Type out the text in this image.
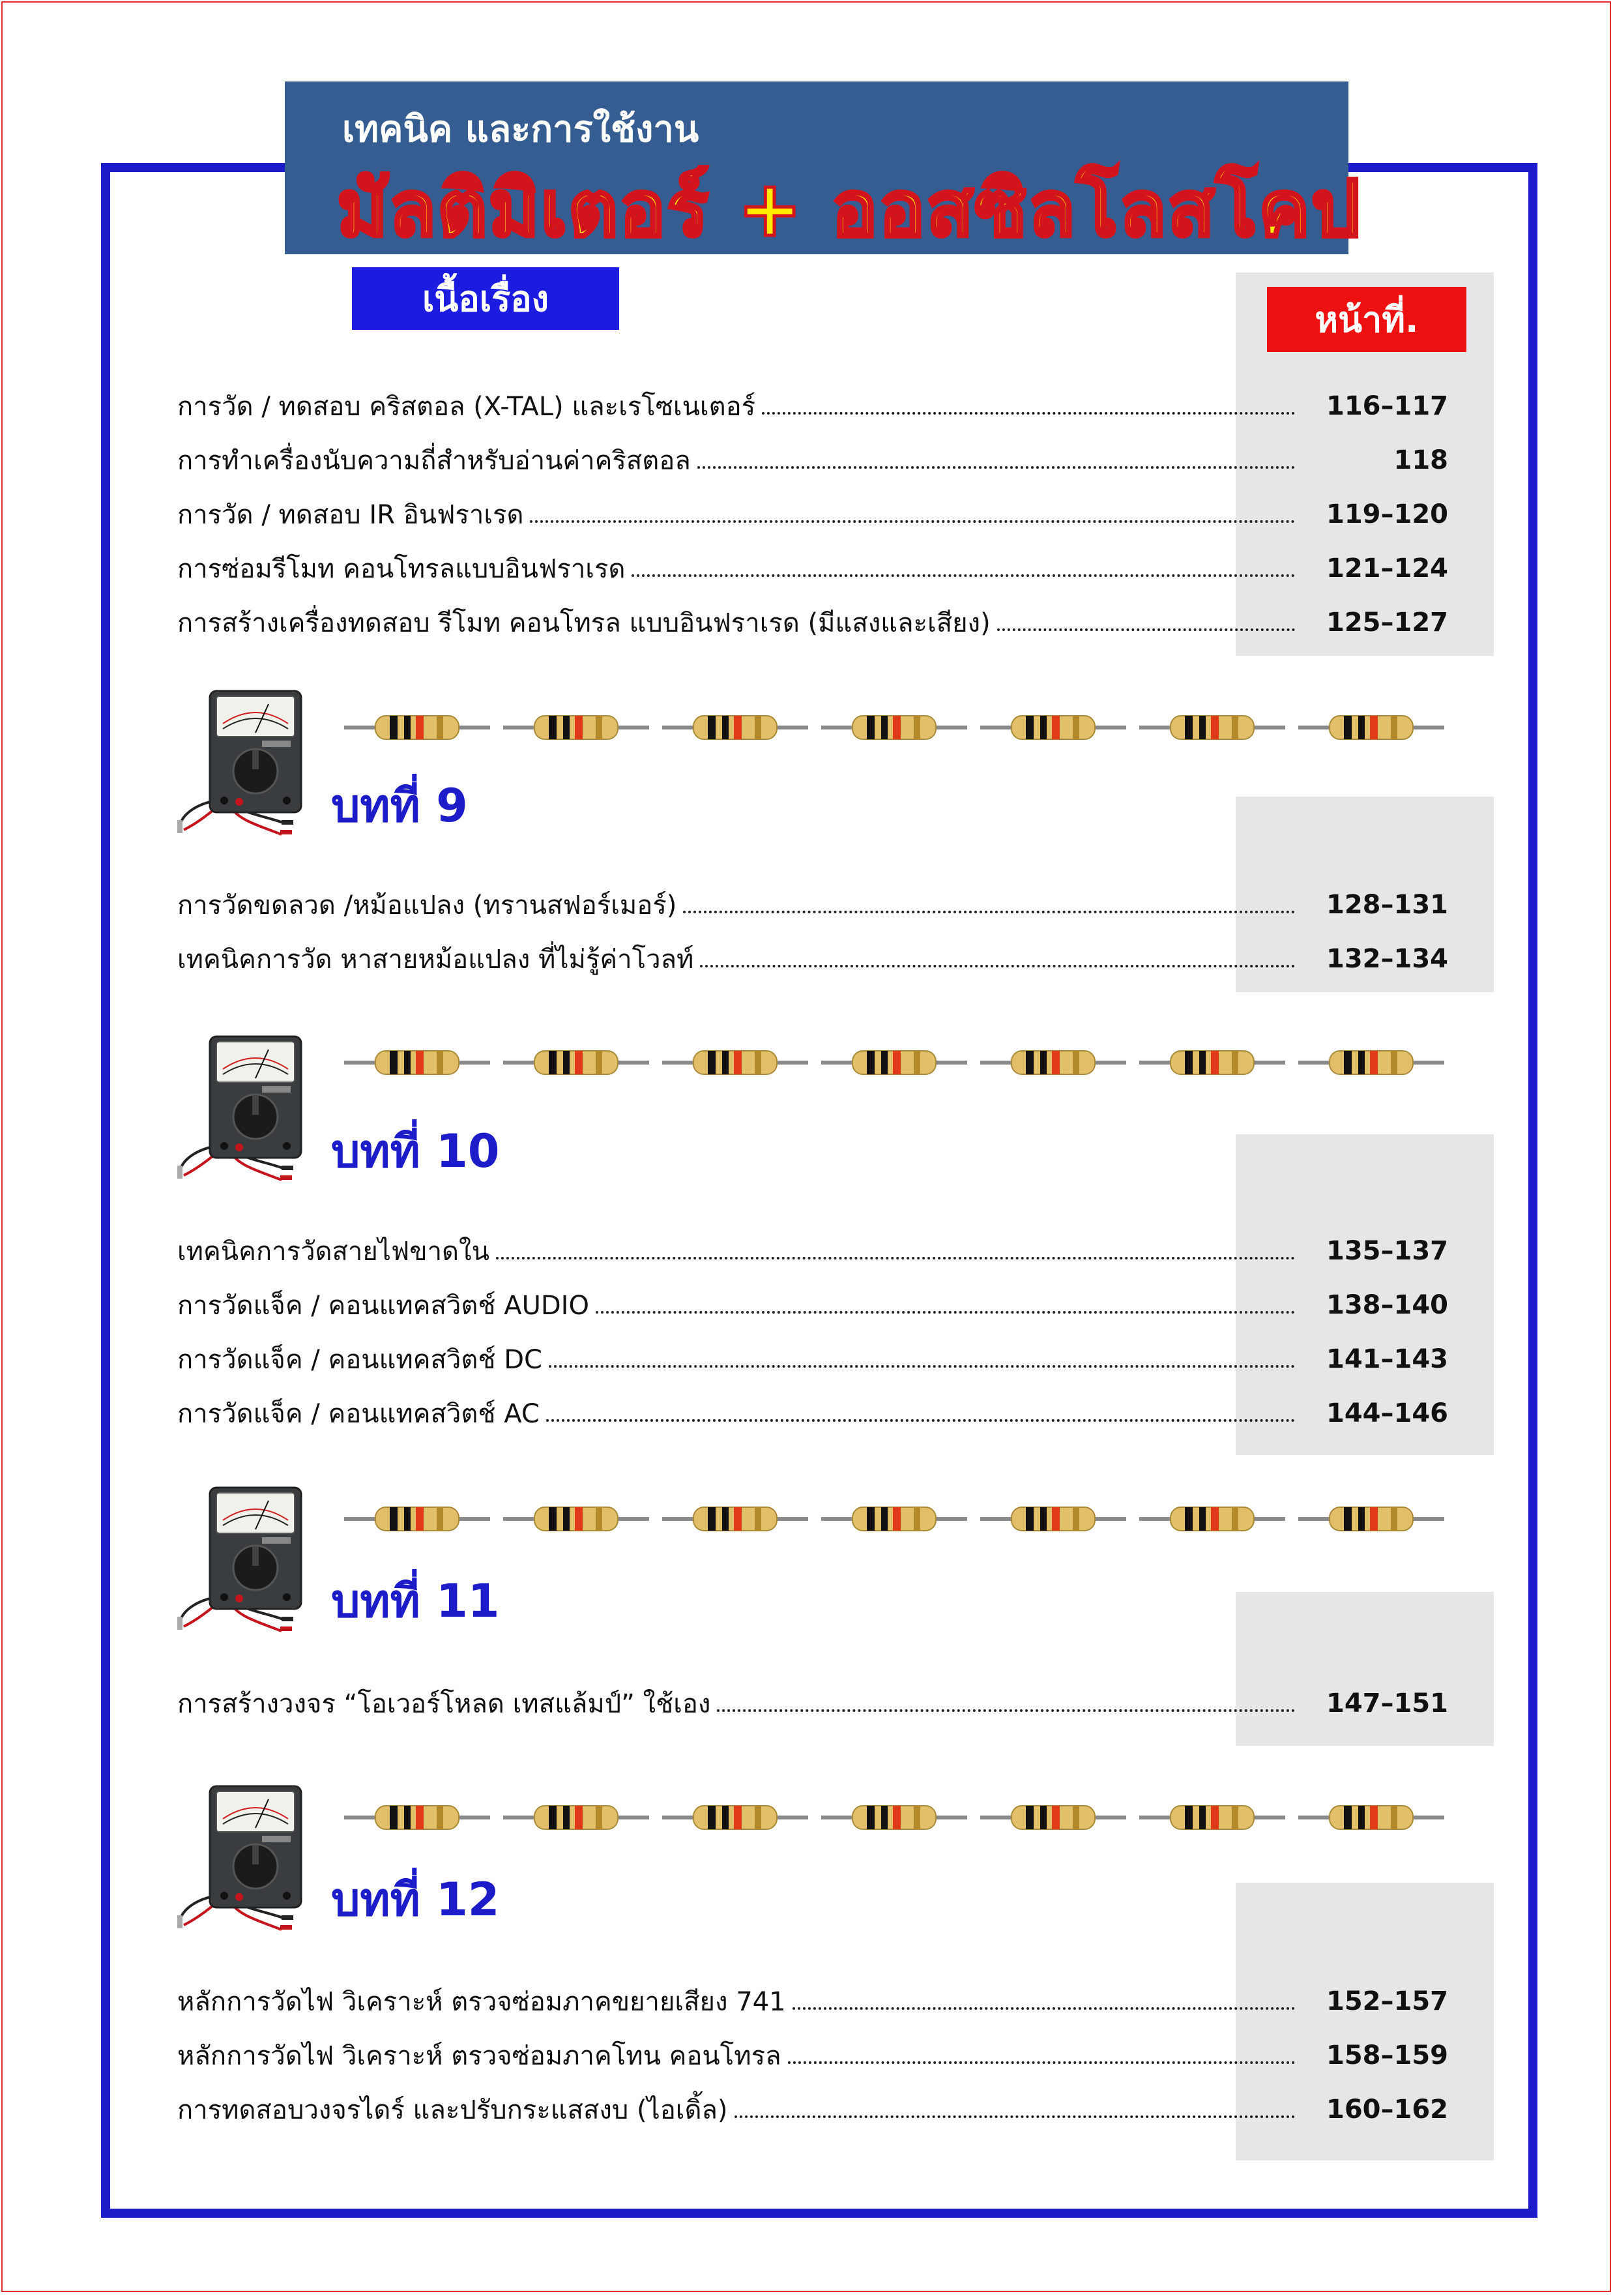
เทคนิค และการใช้งาน
มัลติมิเตอร์ + ออสซิลโลสโคป
เนื้อเรื่อง
หน้าที่.
การวัด / ทดสอบ คริสตอล (X-TAL) และเรโซเนเตอร์	116–117
การทำเครื่องนับความถี่สำหรับอ่านค่าคริสตอล	118
การวัด / ทดสอบ IR อินฟราเรด	119–120
การซ่อมรีโมท คอนโทรลแบบอินฟราเรด	121–124
การสร้างเครื่องทดสอบ รีโมท คอนโทรล แบบอินฟราเรด (มีแสงและเสียง)	125–127
บทที่ 9
การวัดขดลวด /หม้อแปลง (ทรานสฟอร์เมอร์)	128–131
เทคนิคการวัด หาสายหม้อแปลง ที่ไม่รู้ค่าโวลท์	132–134
บทที่ 10
เทคนิคการวัดสายไฟขาดใน	135–137
การวัดแจ็ค / คอนแทคสวิตช์ AUDIO	138–140
การวัดแจ็ค / คอนแทคสวิตช์ DC	141–143
การวัดแจ็ค / คอนแทคสวิตช์ AC	144–146
บทที่ 11
การสร้างวงจร “โอเวอร์โหลด เทสแล้มป์” ใช้เอง	147–151
บทที่ 12
หลักการวัดไฟ วิเคราะห์ ตรวจซ่อมภาคขยายเสียง 741	152–157
หลักการวัดไฟ วิเคราะห์ ตรวจซ่อมภาคโทน คอนโทรล	158–159
การทดสอบวงจรไดร์ และปรับกระแสสงบ (ไอเดิ้ล)	160–162
